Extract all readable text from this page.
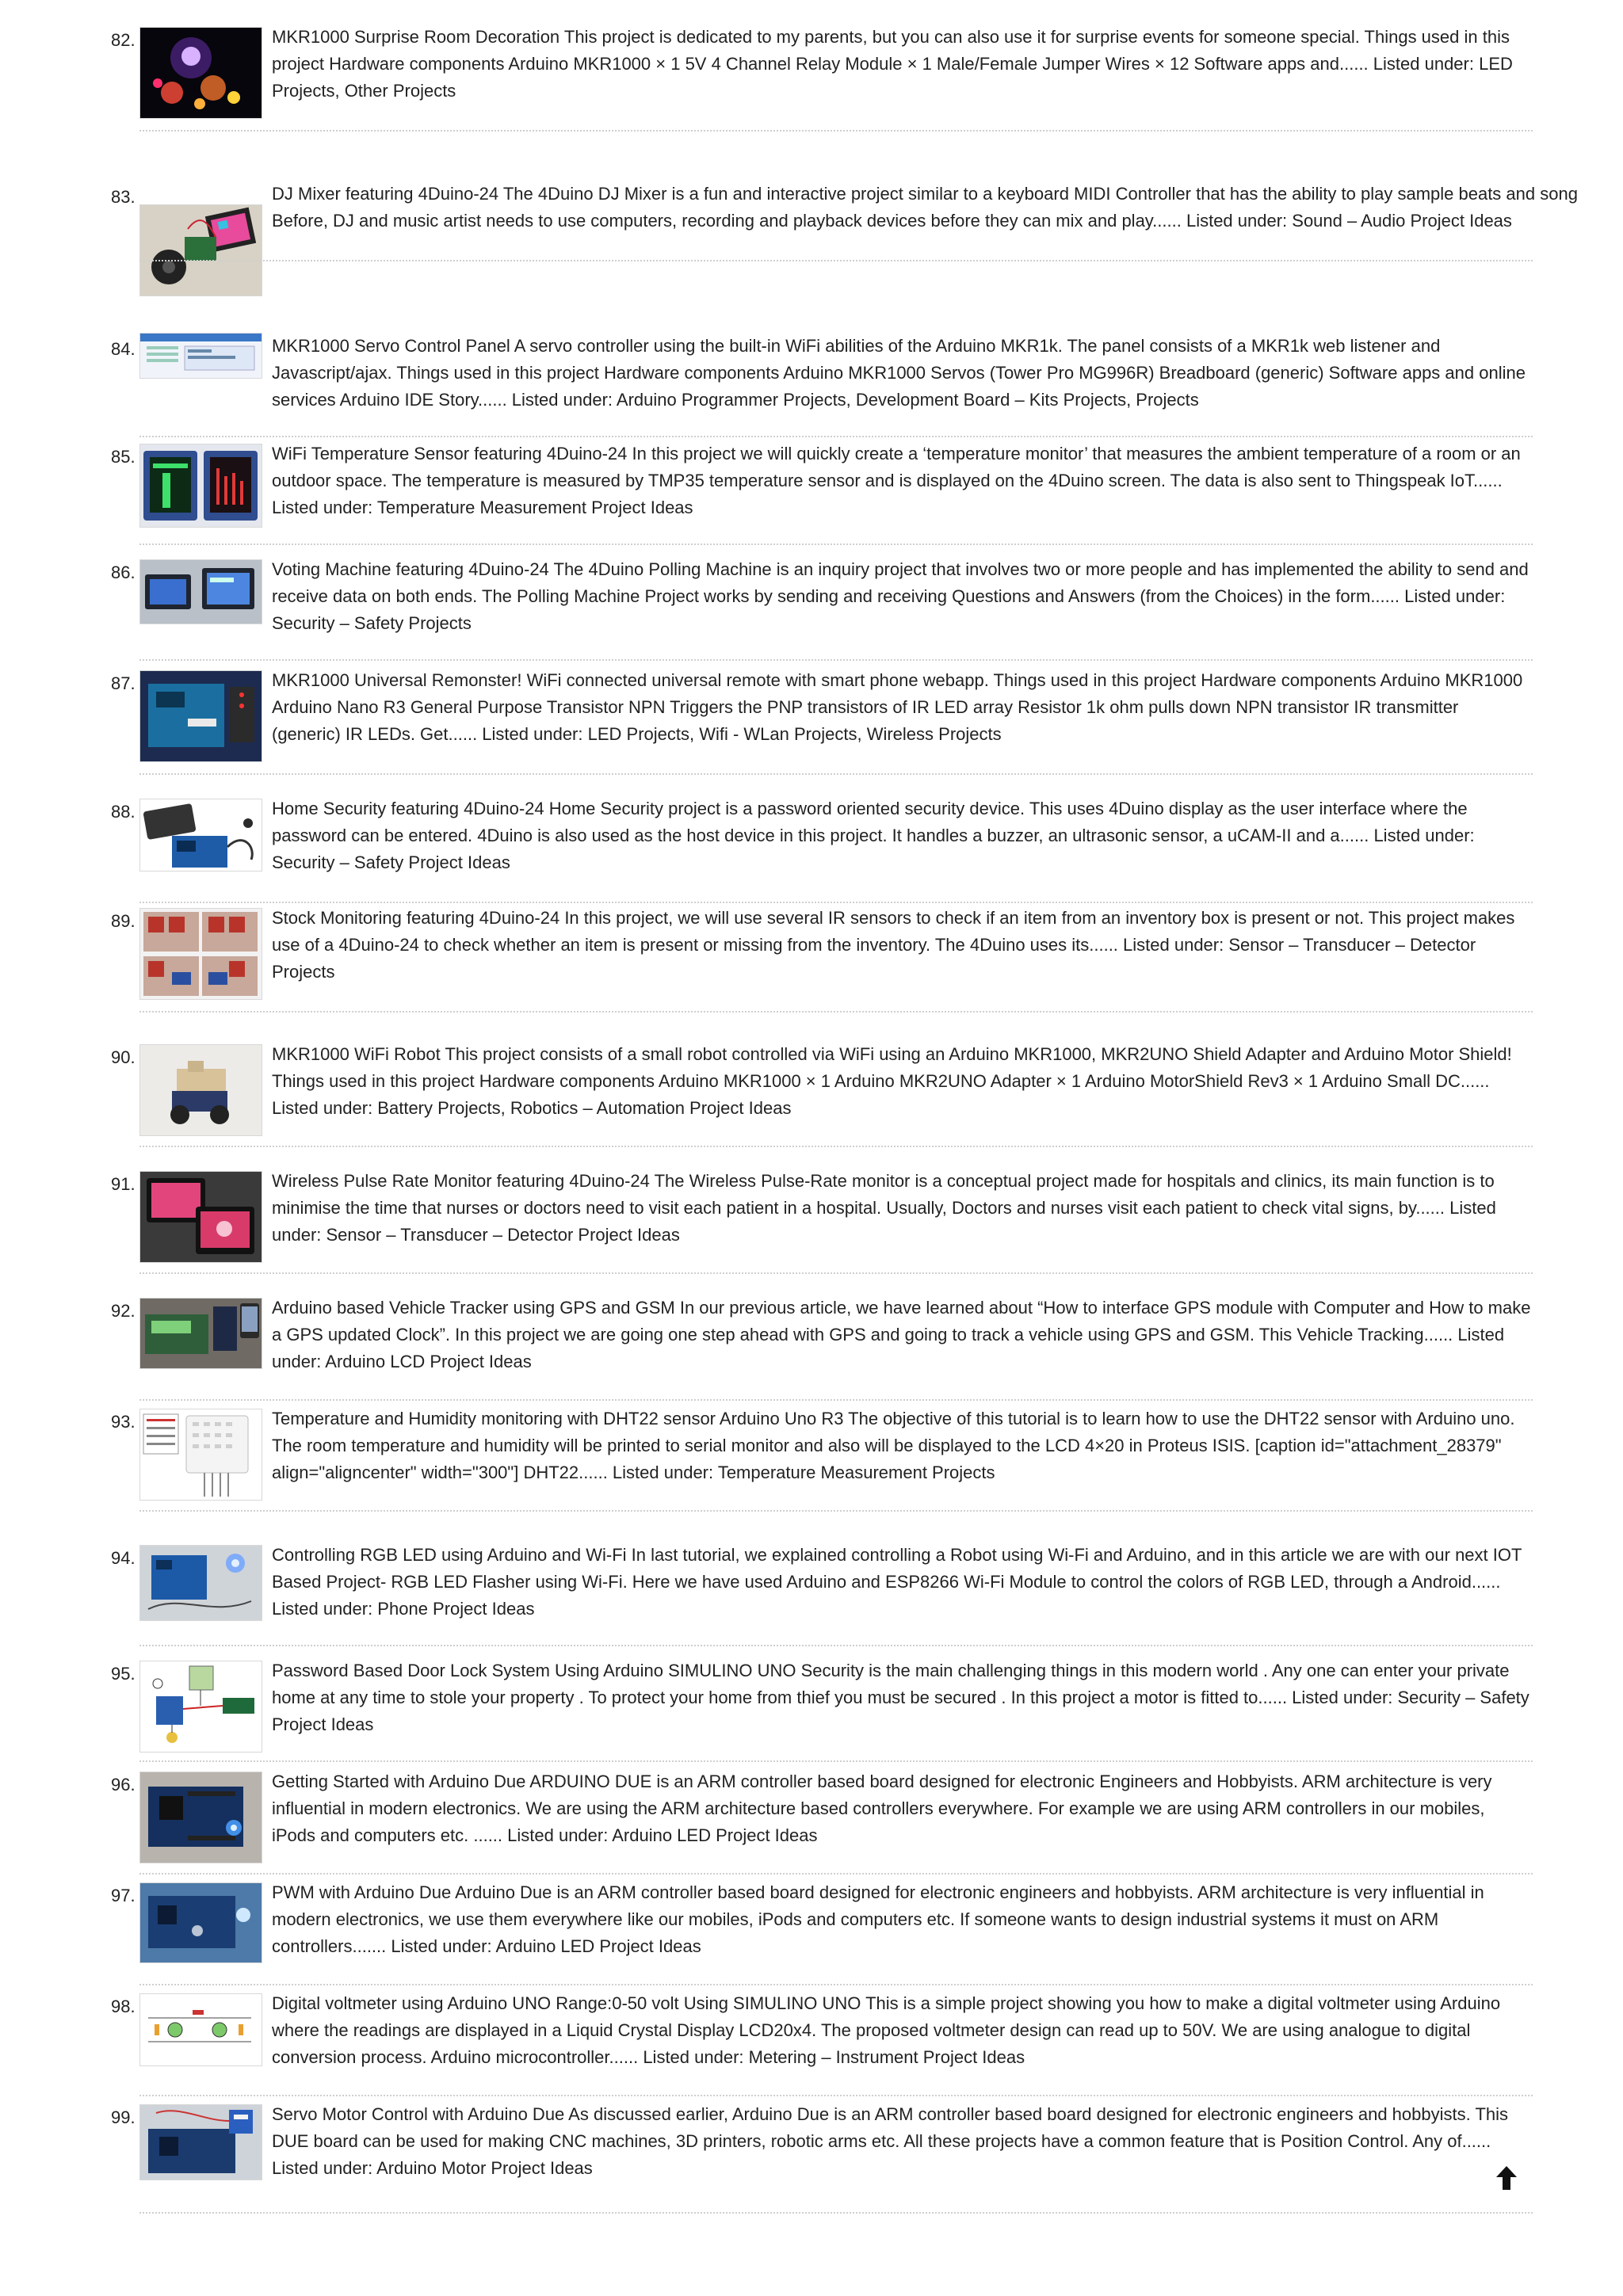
82.	MKR1000 Surprise Room Decoration This project is dedicated to my parents, but you can also use it for surprise events for someone special. Things used in this project Hardware components Arduino MKR1000 × 1 5V 4 Channel Relay Module × 1 Male/Female Jumper Wires × 12 Software apps and...... Listed under: LED Projects, Other Projects
83.	DJ Mixer featuring 4Duino-24 The 4Duino DJ Mixer is a fun and interactive project similar to a keyboard MIDI Controller that has the ability to play sample beats and song Before, DJ and music artist needs to use computers, recording and playback devices before they can mix and play...... Listed under: Sound – Audio Project Ideas
84.	MKR1000 Servo Control Panel A servo controller using the built-in WiFi abilities of the Arduino MKR1k. The panel consists of a MKR1k web listener and Javascript/ajax. Things used in this project Hardware components Arduino MKR1000 Servos (Tower Pro MG996R) Breadboard (generic) Software apps and online services Arduino IDE Story...... Listed under: Arduino Programmer Projects, Development Board – Kits Projects, Projects
85.	WiFi Temperature Sensor featuring 4Duino-24 In this project we will quickly create a ‘temperature monitor’ that measures the ambient temperature of a room or an outdoor space. The temperature is measured by TMP35 temperature sensor and is displayed on the 4Duino screen. The data is also sent to Thingspeak IoT...... Listed under: Temperature Measurement Project Ideas
86.	Voting Machine featuring 4Duino-24 The 4Duino Polling Machine is an inquiry project that involves two or more people and has implemented the ability to send and receive data on both ends. The Polling Machine Project works by sending and receiving Questions and Answers (from the Choices) in the form...... Listed under: Security – Safety Projects
87.	MKR1000 Universal Remonster! WiFi connected universal remote with smart phone webapp. Things used in this project Hardware components Arduino MKR1000 Arduino Nano R3 General Purpose Transistor NPN Triggers the PNP transistors of IR LED array Resistor 1k ohm pulls down NPN transistor IR transmitter (generic) IR LEDs. Get...... Listed under: LED Projects, Wifi - WLan Projects, Wireless Projects
88.	Home Security featuring 4Duino-24 Home Security project is a password oriented security device. This uses 4Duino display as the user interface where the password can be entered. 4Duino is also used as the host device in this project. It handles a buzzer, an ultrasonic sensor, a uCAM-II and a...... Listed under: Security – Safety Project Ideas
89.	Stock Monitoring featuring 4Duino-24 In this project, we will use several IR sensors to check if an item from an inventory box is present or not. This project makes use of a 4Duino-24 to check whether an item is present or missing from the inventory. The 4Duino uses its...... Listed under: Sensor – Transducer – Detector Projects
90.	MKR1000 WiFi Robot This project consists of a small robot controlled via WiFi using an Arduino MKR1000, MKR2UNO Shield Adapter and Arduino Motor Shield! Things used in this project Hardware components Arduino MKR1000 × 1 Arduino MKR2UNO Adapter × 1 Arduino MotorShield Rev3 × 1 Arduino Small DC...... Listed under: Battery Projects, Robotics – Automation Project Ideas
91.	Wireless Pulse Rate Monitor featuring 4Duino-24 The Wireless Pulse-Rate monitor is a conceptual project made for hospitals and clinics, its main function is to minimise the time that nurses or doctors need to visit each patient in a hospital. Usually, Doctors and nurses visit each patient to check vital signs, by...... Listed under: Sensor – Transducer – Detector Project Ideas
92.	Arduino based Vehicle Tracker using GPS and GSM In our previous article, we have learned about “How to interface GPS module with Computer and How to make a GPS updated Clock”. In this project we are going one step ahead with GPS and going to track a vehicle using GPS and GSM. This Vehicle Tracking...... Listed under: Arduino LCD Project Ideas
93.	Temperature and Humidity monitoring with DHT22 sensor Arduino Uno R3 The objective of this tutorial is to learn how to use the DHT22 sensor with Arduino uno. The room temperature and humidity will be printed to serial monitor and also will be displayed to the LCD 4×20 in Proteus ISIS. [caption id="attachment_28379" align="aligncenter" width="300"] DHT22...... Listed under: Temperature Measurement Projects
94.	Controlling RGB LED using Arduino and Wi-Fi In last tutorial, we explained controlling a Robot using Wi-Fi and Arduino, and in this article we are with our next IOT Based Project- RGB LED Flasher using Wi-Fi. Here we have used Arduino and ESP8266 Wi-Fi Module to control the colors of RGB LED, through a Android...... Listed under: Phone Project Ideas
95.	Password Based Door Lock System Using Arduino SIMULINO UNO Security is the main challenging things in this modern world . Any one can enter your private home at any time to stole your property . To protect your home from thief you must be secured . In this project a motor is fitted to...... Listed under: Security – Safety Project Ideas
96.	Getting Started with Arduino Due ARDUINO DUE is an ARM controller based board designed for electronic Engineers and Hobbyists. ARM architecture is very influential in modern electronics. We are using the ARM architecture based controllers everywhere. For example we are using ARM controllers in our mobiles, iPods and computers etc. ...... Listed under: Arduino LED Project Ideas
97.	PWM with Arduino Due Arduino Due is an ARM controller based board designed for electronic engineers and hobbyists. ARM architecture is very influential in modern electronics, we use them everywhere like our mobiles, iPods and computers etc. If someone wants to design industrial systems it must on ARM controllers....... Listed under: Arduino LED Project Ideas
98.	Digital voltmeter using Arduino UNO Range:0-50 volt Using SIMULINO UNO This is a simple project showing you how to make a digital voltmeter using Arduino where the readings are displayed in a Liquid Crystal Display LCD20x4. The proposed voltmeter design can read up to 50V. We are using analogue to digital conversion process. Arduino microcontroller...... Listed under: Metering – Instrument Project Ideas
99.	Servo Motor Control with Arduino Due As discussed earlier, Arduino Due is an ARM controller based board designed for electronic engineers and hobbyists. This DUE board can be used for making CNC machines, 3D printers, robotic arms etc. All these projects have a common feature that is Position Control. Any of...... Listed under: Arduino Motor Project Ideas
